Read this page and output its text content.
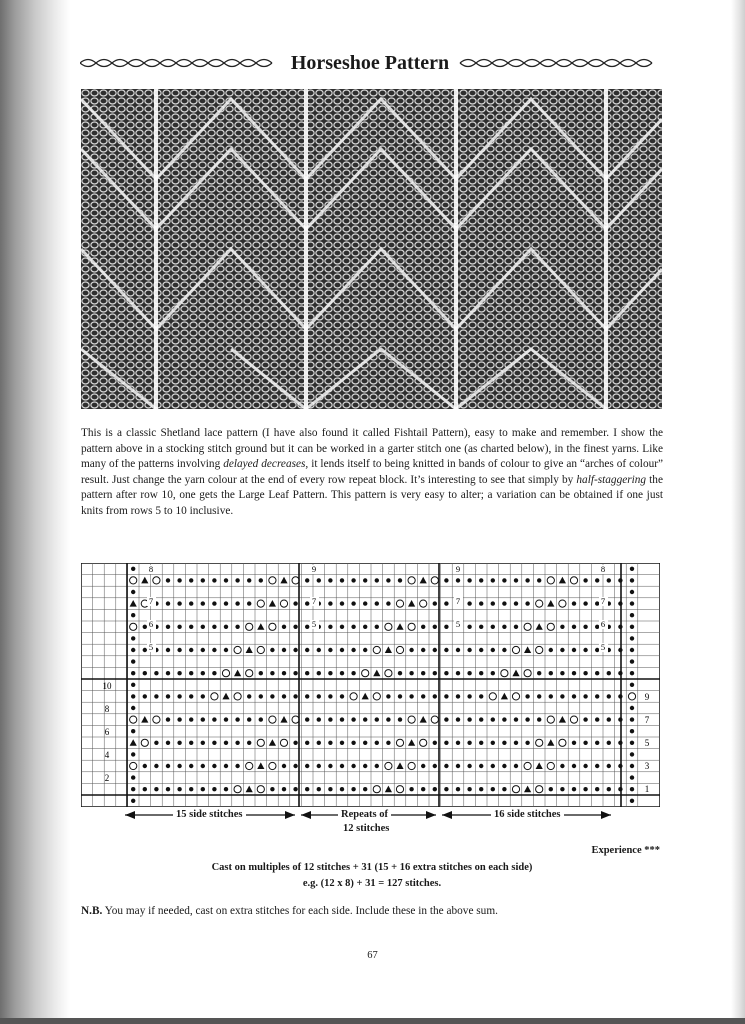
Horseshoe Pattern

This is a classic Shetland lace pattern (I have also found it called Fishtail Pattern), easy to make and remember. I show the pattern above in a stocking stitch ground but it can be worked in a garter stitch one (as charted below), in the finest yarns. Like many of the patterns involving delayed decreases, it lends itself to being knitted in bands of colour to give an “arches of colour” result. Just change the yarn colour at the end of every row repeat block. It’s interesting to see that simply by half-staggering the pattern after row 10, one gets the Large Leaf Pattern. This pattern is very easy to alter; a variation can be obtained if one just knits from rows 5 to 10 inclusive.

10
8
6
4
2
9
7
5
3
1
8	9	9	8
7	7	7	7
6	5	5	6
5	5
15 side stitches	Repeats of
12 stitches
16 side stitches
Experience ***
Cast on multiples of 12 stitches + 31 (15 + 16 extra stitches on each side)
e.g. (12 x 8) + 31 = 127 stitches.
N.B. You may if needed, cast on extra stitches for each side. Include these in the above sum.
67
